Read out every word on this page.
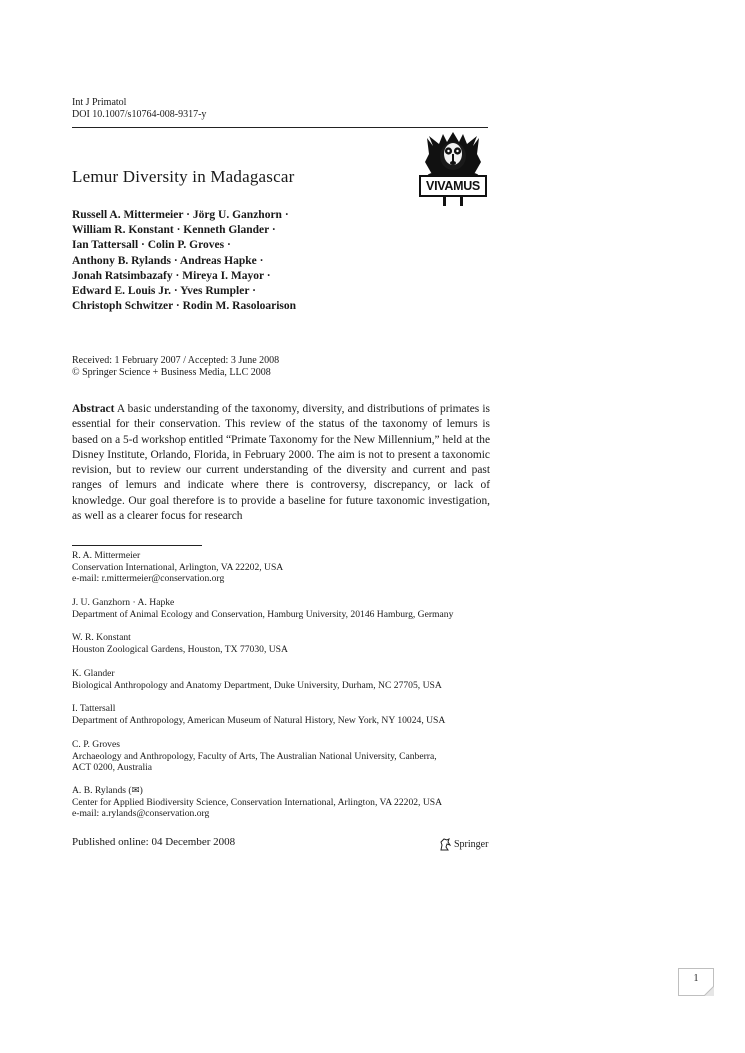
Int J Primatol
DOI 10.1007/s10764-008-9317-y
VIVAMUS
Lemur Diversity in Madagascar
Russell A. Mittermeier · Jörg U. Ganzhorn ·
William R. Konstant · Kenneth Glander ·
Ian Tattersall · Colin P. Groves ·
Anthony B. Rylands · Andreas Hapke ·
Jonah Ratsimbazafy · Mireya I. Mayor ·
Edward E. Louis Jr. · Yves Rumpler ·
Christoph Schwitzer · Rodin M. Rasoloarison
Received: 1 February 2007 / Accepted: 3 June 2008
© Springer Science + Business Media, LLC 2008
Abstract A basic understanding of the taxonomy, diversity, and distributions of primates is essential for their conservation. This review of the status of the taxonomy of lemurs is based on a 5-d workshop entitled “Primate Taxonomy for the New Millennium,” held at the Disney Institute, Orlando, Florida, in February 2000. The aim is not to present a taxonomic revision, but to review our current understanding of the diversity and current and past ranges of lemurs and indicate where there is controversy, discrepancy, or lack of knowledge. Our goal therefore is to provide a baseline for future taxonomic investigation, as well as a clearer focus for research
R. A. Mittermeier
Conservation International, Arlington, VA 22202, USA
e-mail: r.mittermeier@conservation.org
J. U. Ganzhorn · A. Hapke
Department of Animal Ecology and Conservation, Hamburg University, 20146 Hamburg, Germany
W. R. Konstant
Houston Zoological Gardens, Houston, TX 77030, USA
K. Glander
Biological Anthropology and Anatomy Department, Duke University, Durham, NC 27705, USA
I. Tattersall
Department of Anthropology, American Museum of Natural History, New York, NY 10024, USA
C. P. Groves
Archaeology and Anthropology, Faculty of Arts, The Australian National University, Canberra,
ACT 0200, Australia
A. B. Rylands (✉)
Center for Applied Biodiversity Science, Conservation International, Arlington, VA 22202, USA
e-mail: a.rylands@conservation.org
Published online: 04 December 2008	Springer
1
